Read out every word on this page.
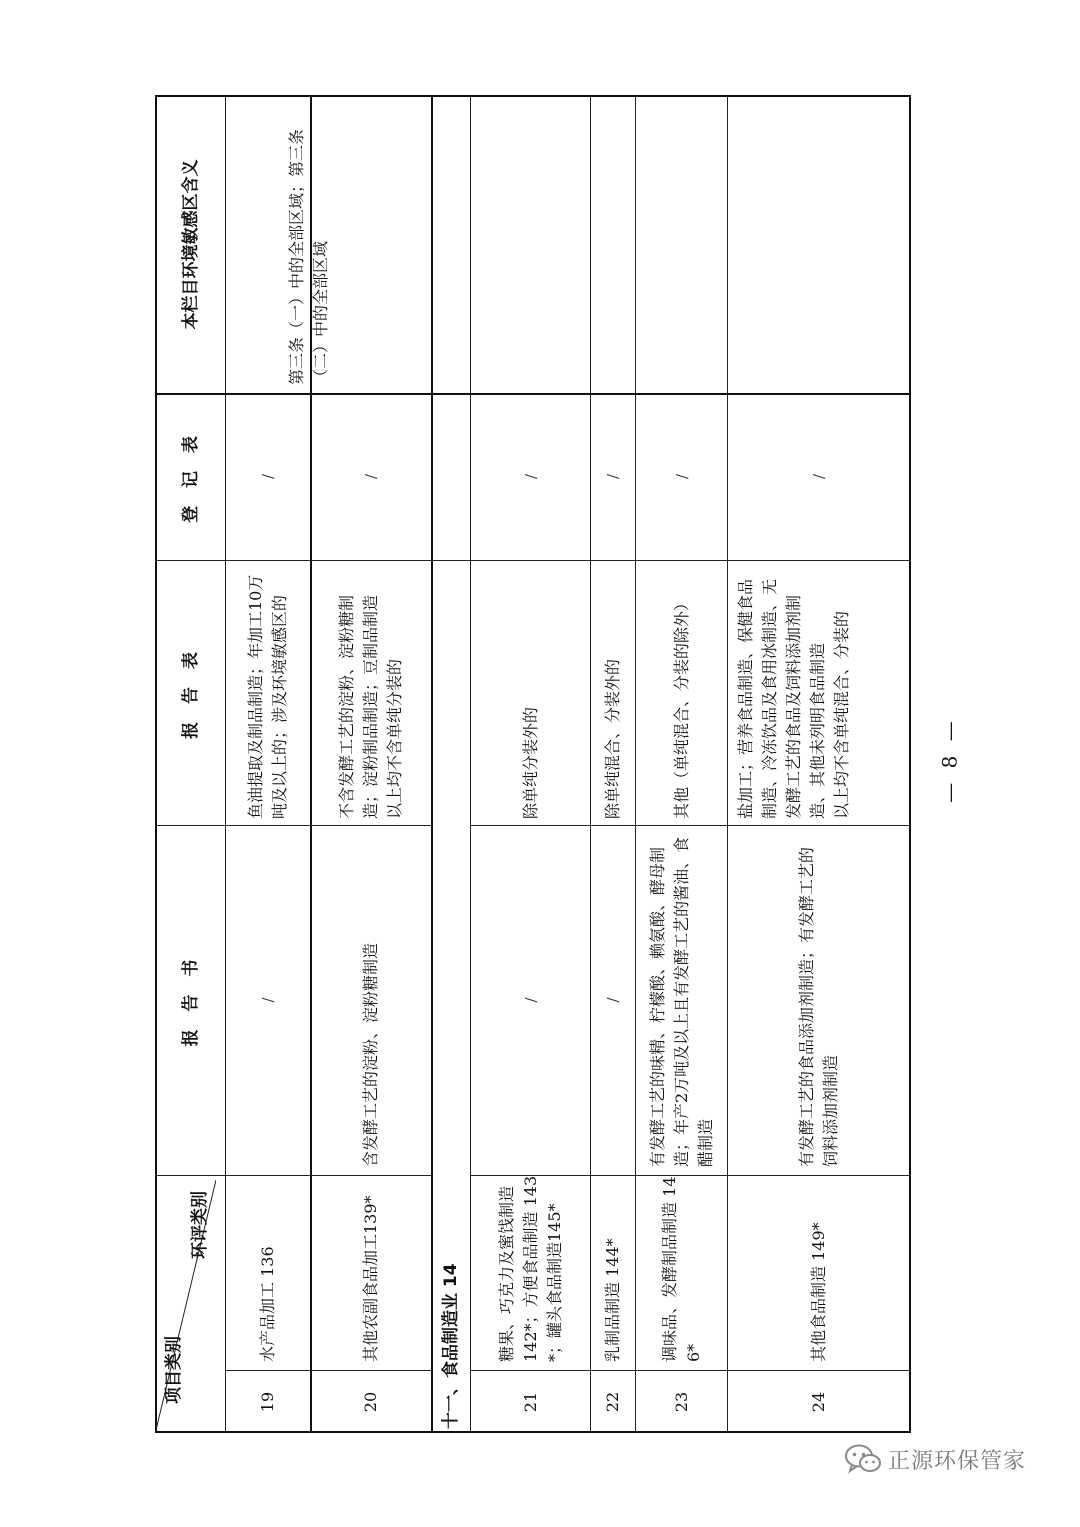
项目类别
环评类别
报 告 书
报 告 表
登 记 表
本栏目环境敏感区含义
19
水产品加工 136
/
鱼油提取及制品制造；年加工10万吨及以上的；涉及环境敏感区的
/
第三条（一）中的全部区域；第三条（二）中的全部区域
20
其他农副食品加工139*
含发酵工艺的淀粉、淀粉糖制造
不含发酵工艺的淀粉、淀粉糖制造；淀粉制品制造；豆制品制造
以上均不含单纯分装的
/
十一、食品制造业 14	21
糖果、巧克力及蜜饯制造 142*；方便食品制造 143*；罐头食品制造145*
/
除单纯分装外的
/
22
乳制品制造 144*
/
除单纯混合、分装外的
/
23
调味品、发酵制品制造 146*
有发酵工艺的味精、柠檬酸、赖氨酸、酵母制造；年产2万吨及以上且有发酵工艺的酱油、食醋制造
其他（单纯混合、分装的除外）
/
24
其他食品制造 149*
有发酵工艺的食品添加剂制造；有发酵工艺的饲料添加剂制造
盐加工；营养食品制造、保健食品制造、冷冻饮品及食用冰制造、无发酵工艺的食品及饲料添加剂制造、其他未列明食品制造
以上均不含单纯混合、分装的
/
— 8 —
正源环保管家
